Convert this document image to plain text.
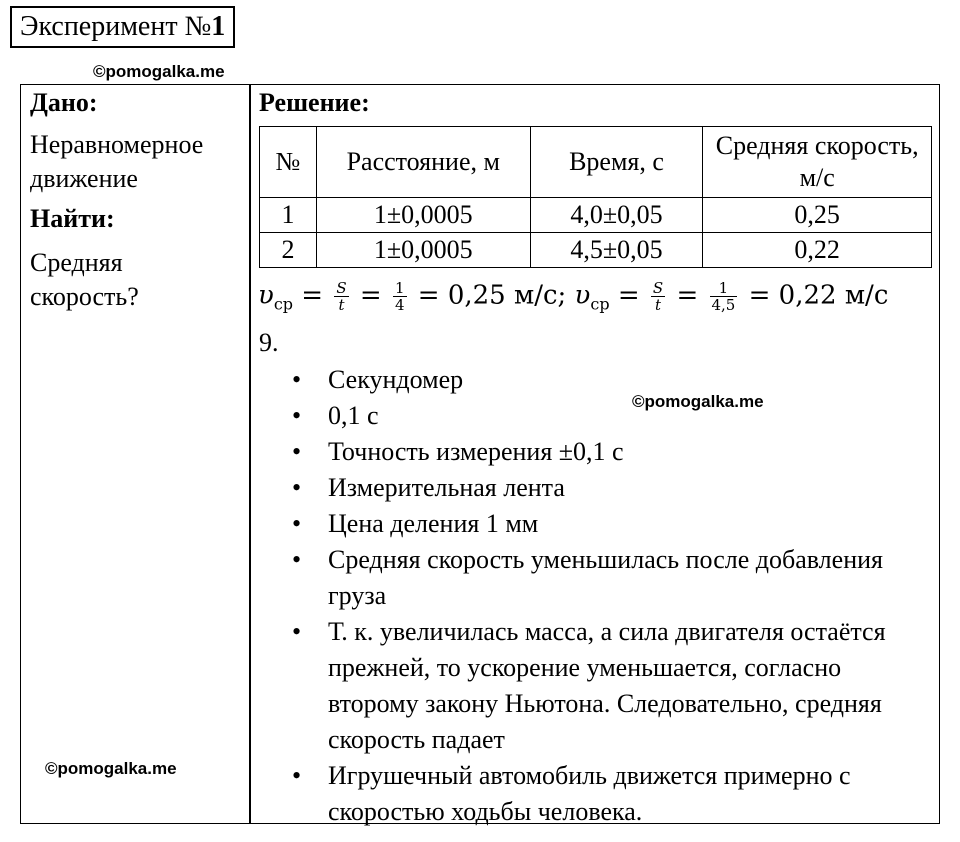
Эксперимент №1
©pomogalka.me

Дано:

Неравномерное

движение

Найти:

Средняя

скорость?

Решение:
№	Расстояние, м	Время, с	Средняя скорость, м/с
1	1±0,0005	4,0±0,05	0,25
2	1±0,0005	4,5±0,05	0,22
$\upsilon_{ср} = \frac{S}{t} = \frac{1}{4} = 0,25$ м/с; $\upsilon_{ср} = \frac{S}{t} = \frac{1}{4,5} = 0,22$ м/с
9.
• Секундомер
• 0,1 с
• Точность измерения ±0,1 с
• Измерительная лента
• Цена деления 1 мм
• Средняя скорость уменьшилась после добавления груза
• Т. к. увеличилась масса, а сила двигателя остаётся прежней, то ускорение уменьшается, согласно второму закону Ньютона. Следовательно, средняя скорость падает
• Игрушечный автомобиль движется примерно с скоростью ходьбы человека.
©pomogalka.me
©pomogalka.me
